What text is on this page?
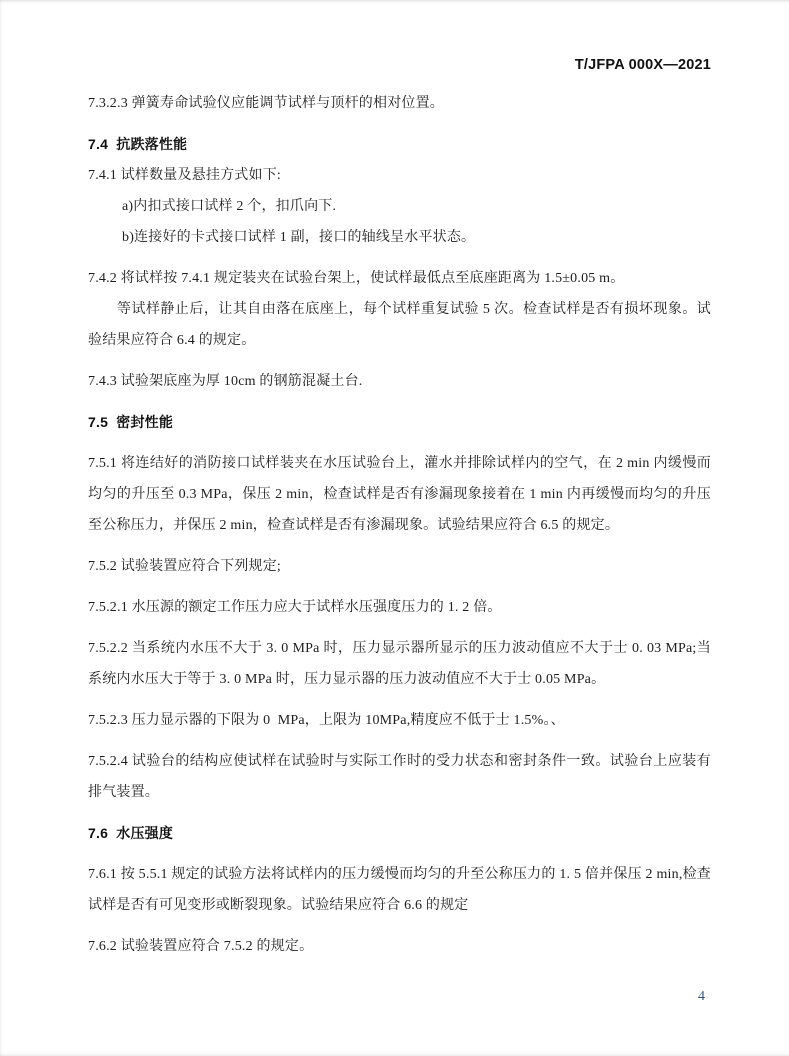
T/JFPA 000X—2021

7.3.2.3 弹簧寿命试验仪应能调节试样与顶杆的相对位置。

7.4  抗跌落性能

7.4.1 试样数量及悬挂方式如下:

a)内扣式接口试样 2 个，扣爪向下.

b)连接好的卡式接口试样 1 副，接口的轴线呈水平状态。

7.4.2 将试样按 7.4.1 规定装夹在试验台架上，使试样最低点至底座距离为 1.5±0.05 m。

等试样静止后，让其自由落在底座上，每个试样重复试验 5 次。检查试样是否有损坏现象。试验结果应符合 6.4 的规定。

7.4.3 试验架底座为厚 10cm 的钢筋混凝土台.

7.5  密封性能

7.5.1 将连结好的消防接口试样装夹在水压试验台上，灌水并排除试样内的空气，在 2 min 内缓慢而均匀的升压至 0.3 MPa，保压 2 min，检查试样是否有渗漏现象接着在 1 min 内再缓慢而均匀的升压至公称压力，并保压 2 min，检查试样是否有渗漏现象。试验结果应符合 6.5 的规定。

7.5.2 试验装置应符合下列规定;

7.5.2.1 水压源的额定工作压力应大于试样水压强度压力的 1. 2 倍。

7.5.2.2 当系统内水压不大于 3. 0 MPa 时，压力显示器所显示的压力波动值应不大于士 0. 03 MPa;当系统内水压大于等于 3. 0 MPa 时，压力显示器的压力波动值应不大于士 0.05 MPa。

7.5.2.3 压力显示器的下限为 0  MPa，上限为 10MPa,精度应不低于士 1.5%。、

7.5.2.4 试验台的结构应使试样在试验时与实际工作时的受力状态和密封条件一致。试验台上应装有排气装置。

7.6  水压强度

7.6.1 按 5.5.1 规定的试验方法将试样内的压力缓慢而均匀的升至公称压力的 1. 5 倍并保压 2 min,检查试样是否有可见变形或断裂现象。试验结果应符合 6.6 的规定

7.6.2 试验装置应符合 7.5.2 的规定。

4
